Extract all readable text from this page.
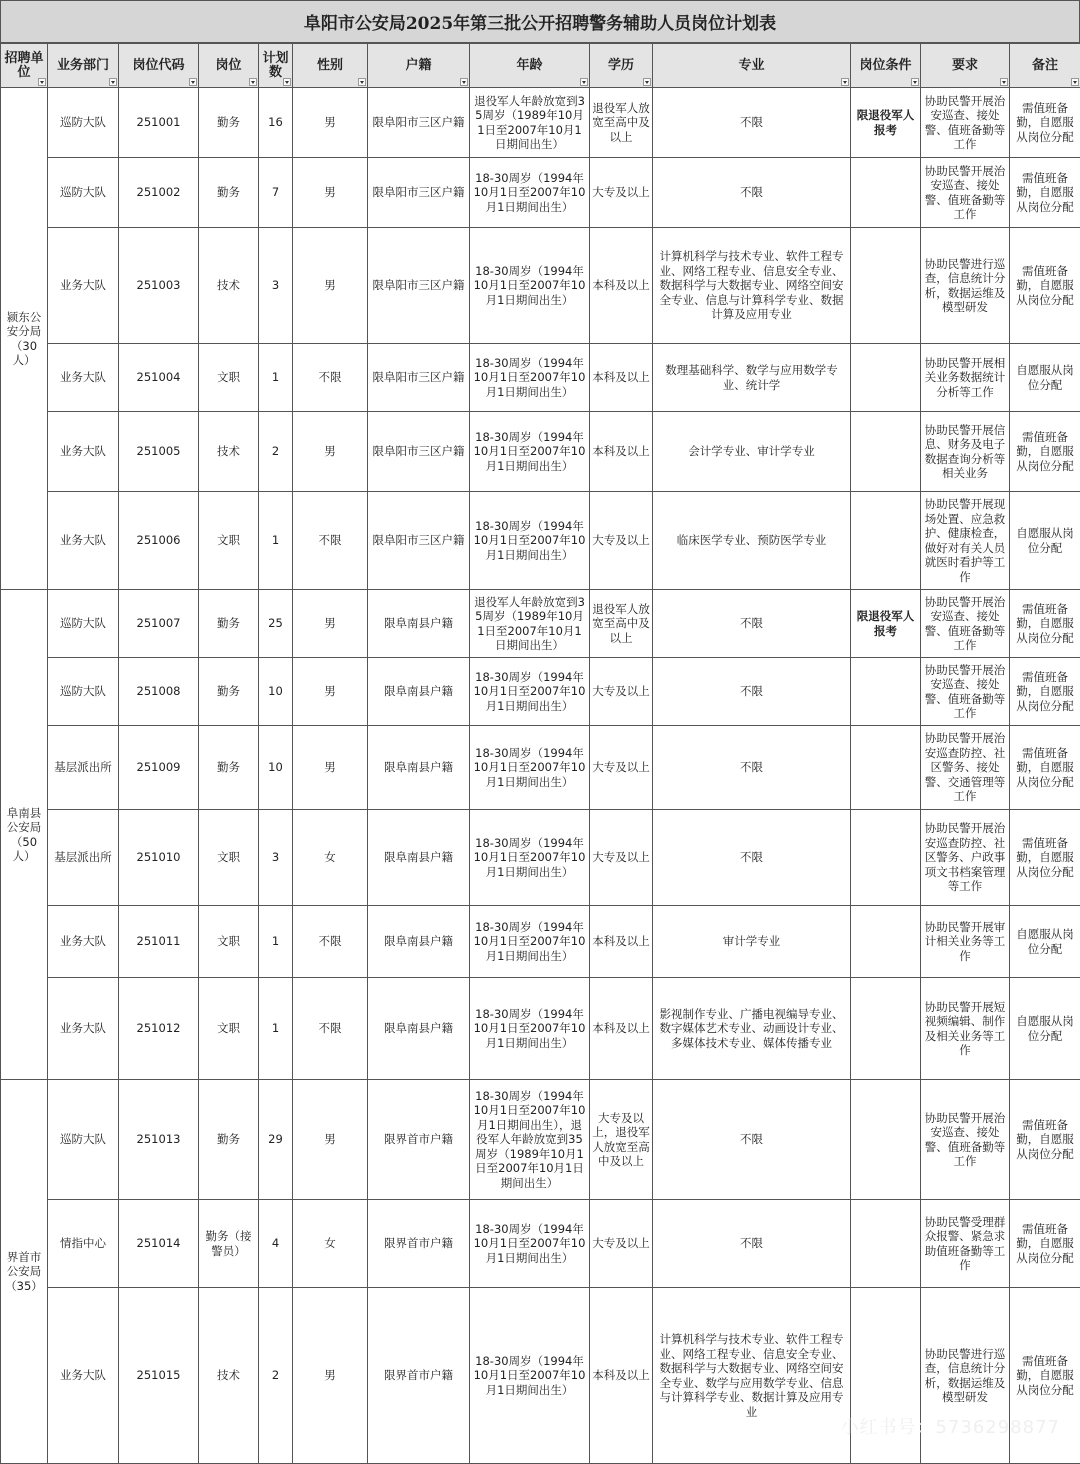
阜阳市公安局2025年第三批公开招聘警务辅助人员岗位计划表
招聘单位	业务部门	岗位代码	岗位	计划数	性别	户籍	年龄	学历	专业	岗位条件	要求	备注

颍东公安分局（30人）	巡防大队	251001	勤务	16	男	限阜阳市三区户籍	退役军人年龄放宽到35周岁（1989年10月1日至2007年10月1日期间出生）	退役军人放宽至高中及以上	不限	限退役军人报考	协助民警开展治安巡查、接处警、值班备勤等工作	需值班备勤，自愿服从岗位分配
	巡防大队	251002	勤务	7	男	限阜阳市三区户籍	18-30周岁（1994年10月1日至2007年10月1日期间出生）	大专及以上	不限		协助民警开展治安巡查、接处警、值班备勤等工作	需值班备勤，自愿服从岗位分配
	业务大队	251003	技术	3	男	限阜阳市三区户籍	18-30周岁（1994年10月1日至2007年10月1日期间出生）	本科及以上	计算机科学与技术专业、软件工程专业、网络工程专业、信息安全专业、数据科学与大数据专业、网络空间安全专业、信息与计算科学专业、数据计算及应用专业		协助民警进行巡查，信息统计分析，数据运维及模型研发	需值班备勤，自愿服从岗位分配
	业务大队	251004	文职	1	不限	限阜阳市三区户籍	18-30周岁（1994年10月1日至2007年10月1日期间出生）	本科及以上	数理基础科学、数学与应用数学专业、统计学		协助民警开展相关业务数据统计分析等工作	自愿服从岗位分配
	业务大队	251005	技术	2	男	限阜阳市三区户籍	18-30周岁（1994年10月1日至2007年10月1日期间出生）	本科及以上	会计学专业、审计学专业		协助民警开展信息、财务及电子数据查询分析等相关业务	需值班备勤，自愿服从岗位分配
	业务大队	251006	文职	1	不限	限阜阳市三区户籍	18-30周岁（1994年10月1日至2007年10月1日期间出生）	大专及以上	临床医学专业、预防医学专业		协助民警开展现场处置、应急救护、健康检查，做好对有关人员就医时看护等工作	自愿服从岗位分配
阜南县公安局（50人）	巡防大队	251007	勤务	25	男	限阜南县户籍	退役军人年龄放宽到35周岁（1989年10月1日至2007年10月1日期间出生）	退役军人放宽至高中及以上	不限	限退役军人报考	协助民警开展治安巡查、接处警、值班备勤等工作	需值班备勤，自愿服从岗位分配
	巡防大队	251008	勤务	10	男	限阜南县户籍	18-30周岁（1994年10月1日至2007年10月1日期间出生）	大专及以上	不限		协助民警开展治安巡查、接处警、值班备勤等工作	需值班备勤，自愿服从岗位分配
	基层派出所	251009	勤务	10	男	限阜南县户籍	18-30周岁（1994年10月1日至2007年10月1日期间出生）	大专及以上	不限		协助民警开展治安巡查防控、社区警务、接处警、交通管理等工作	需值班备勤，自愿服从岗位分配
	基层派出所	251010	文职	3	女	限阜南县户籍	18-30周岁（1994年10月1日至2007年10月1日期间出生）	大专及以上	不限		协助民警开展治安巡查防控、社区警务、户政事项文书档案管理等工作	需值班备勤，自愿服从岗位分配
	业务大队	251011	文职	1	不限	限阜南县户籍	18-30周岁（1994年10月1日至2007年10月1日期间出生）	本科及以上	审计学专业		协助民警开展审计相关业务等工作	自愿服从岗位分配
	业务大队	251012	文职	1	不限	限阜南县户籍	18-30周岁（1994年10月1日至2007年10月1日期间出生）	本科及以上	影视制作专业、广播电视编导专业、数字媒体艺术专业、动画设计专业、多媒体技术专业、媒体传播专业		协助民警开展短视频编辑、制作及相关业务等工作	自愿服从岗位分配
界首市公安局（35）	巡防大队	251013	勤务	29	男	限界首市户籍	18-30周岁（1994年10月1日至2007年10月1日期间出生），退役军人年龄放宽到35周岁（1989年10月1日至2007年10月1日期间出生）	大专及以上，退役军人放宽至高中及以上	不限		协助民警开展治安巡查、接处警、值班备勤等工作	需值班备勤，自愿服从岗位分配
	情指中心	251014	勤务（接警员）	4	女	限界首市户籍	18-30周岁（1994年10月1日至2007年10月1日期间出生）	大专及以上	不限		协助民警受理群众报警、紧急求助值班备勤等工作	需值班备勤，自愿服从岗位分配
	业务大队	251015	技术	2	男	限界首市户籍	18-30周岁（1994年10月1日至2007年10月1日期间出生）	本科及以上	计算机科学与技术专业、软件工程专业、网络工程专业、信息安全专业、数据科学与大数据专业、网络空间安全专业、数学与应用数学专业、信息与计算科学专业、数据计算及应用专业		协助民警进行巡查，信息统计分析，数据运维及模型研发	需值班备勤，自愿服从岗位分配
小红书号：5736298877
